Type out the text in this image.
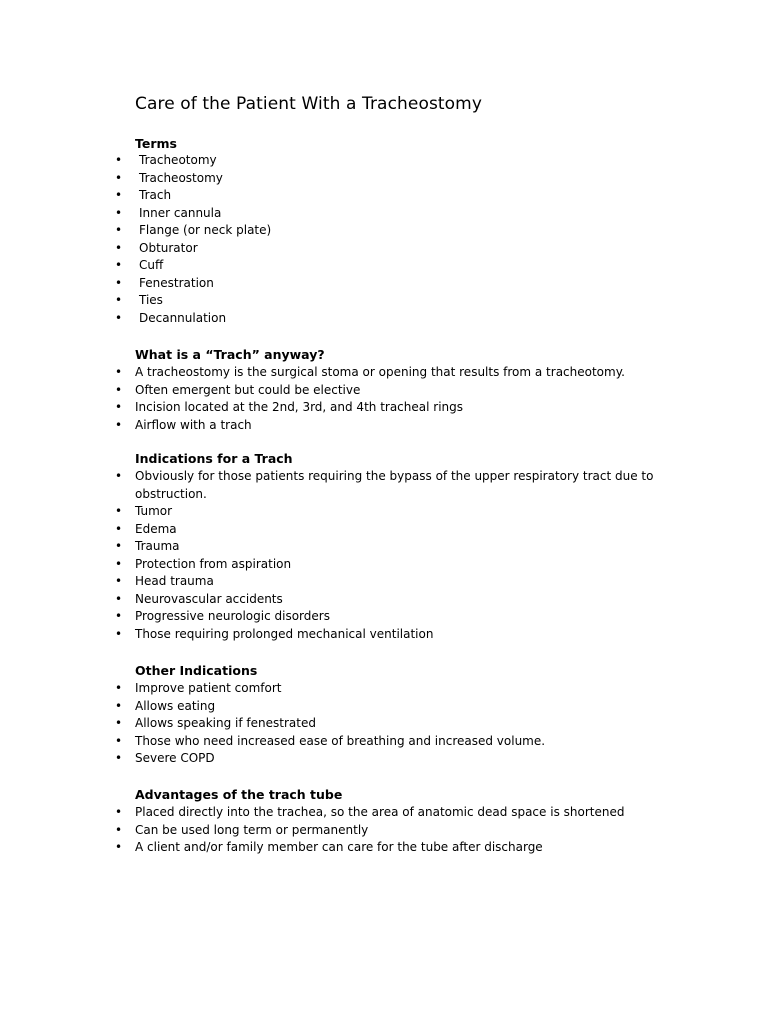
Care of the Patient With a Tracheostomy
Terms
• Tracheotomy
• Tracheostomy
• Trach
• Inner cannula
• Flange (or neck plate)
• Obturator
• Cuff
• Fenestration
• Ties
• Decannulation
What is a “Trach” anyway?
• A tracheostomy is the surgical stoma or opening that results from a tracheotomy.
• Often emergent but could be elective
• Incision located at the 2nd, 3rd, and 4th tracheal rings
• Airflow with a trach
Indications for a Trach
• Obviously for those patients requiring the bypass of the upper respiratory tract due to obstruction.
• Tumor
• Edema
• Trauma
• Protection from aspiration
• Head trauma
• Neurovascular accidents
• Progressive neurologic disorders
• Those requiring prolonged mechanical ventilation
Other Indications
• Improve patient comfort
• Allows eating
• Allows speaking if fenestrated
• Those who need increased ease of breathing and increased volume.
• Severe COPD
Advantages of the trach tube
• Placed directly into the trachea, so the area of anatomic dead space is shortened
• Can be used long term or permanently
• A client and/or family member can care for the tube after discharge
